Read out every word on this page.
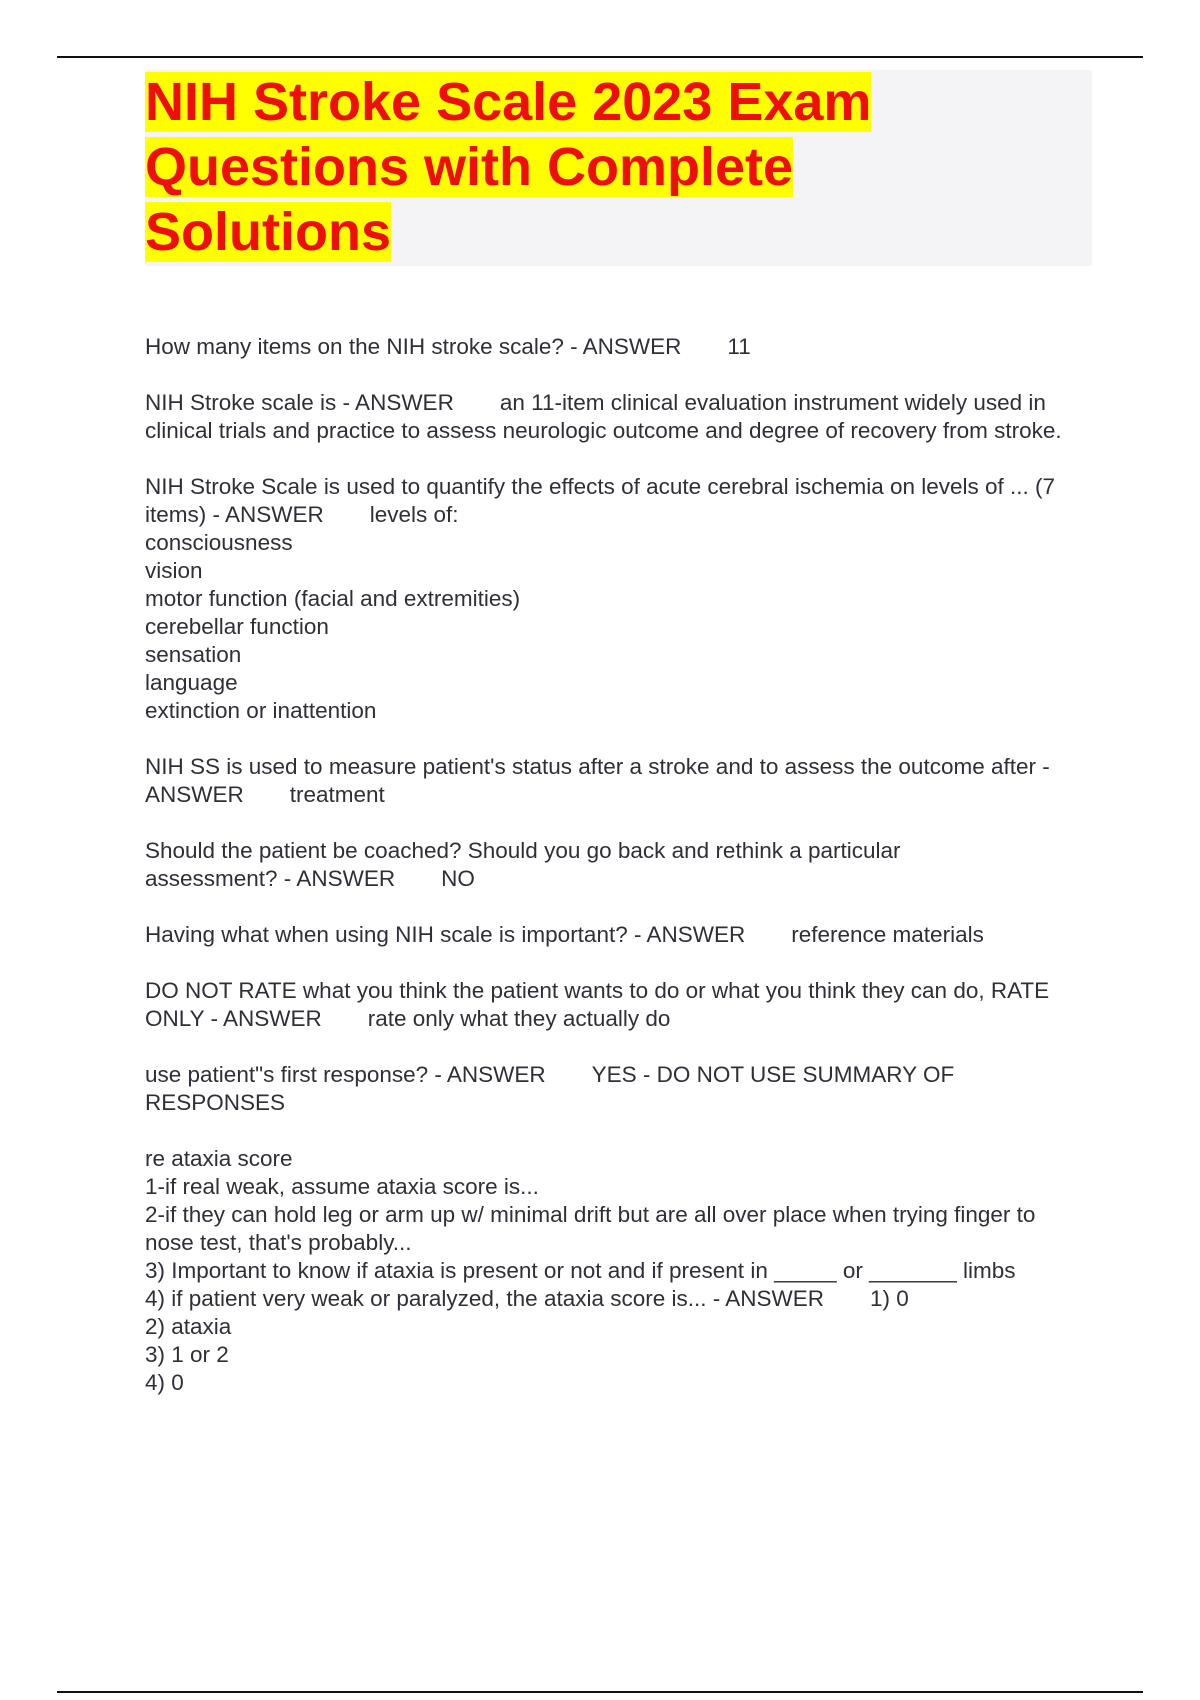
NIH Stroke Scale 2023 Exam Questions with Complete Solutions

How many items on the NIH stroke scale? - ANSWER 11

NIH Stroke scale is - ANSWER an 11-item clinical evaluation instrument widely used in clinical trials and practice to assess neurologic outcome and degree of recovery from stroke.

NIH Stroke Scale is used to quantify the effects of acute cerebral ischemia on levels of ... (7 items) - ANSWER levels of:
consciousness
vision
motor function (facial and extremities)
cerebellar function
sensation
language
extinction or inattention

NIH SS is used to measure patient's status after a stroke and to assess the outcome after - ANSWER treatment

Should the patient be coached? Should you go back and rethink a particular assessment? - ANSWER NO

Having what when using NIH scale is important? - ANSWER reference materials

DO NOT RATE what you think the patient wants to do or what you think they can do, RATE ONLY - ANSWER rate only what they actually do

use patient"s first response? - ANSWER YES - DO NOT USE SUMMARY OF RESPONSES

re ataxia score
1-if real weak, assume ataxia score is...
2-if they can hold leg or arm up w/ minimal drift but are all over place when trying finger to nose test, that's probably...
3) Important to know if ataxia is present or not and if present in _____ or _______ limbs
4) if patient very weak or paralyzed, the ataxia score is... - ANSWER 1) 0
2) ataxia
3) 1 or 2
4) 0
